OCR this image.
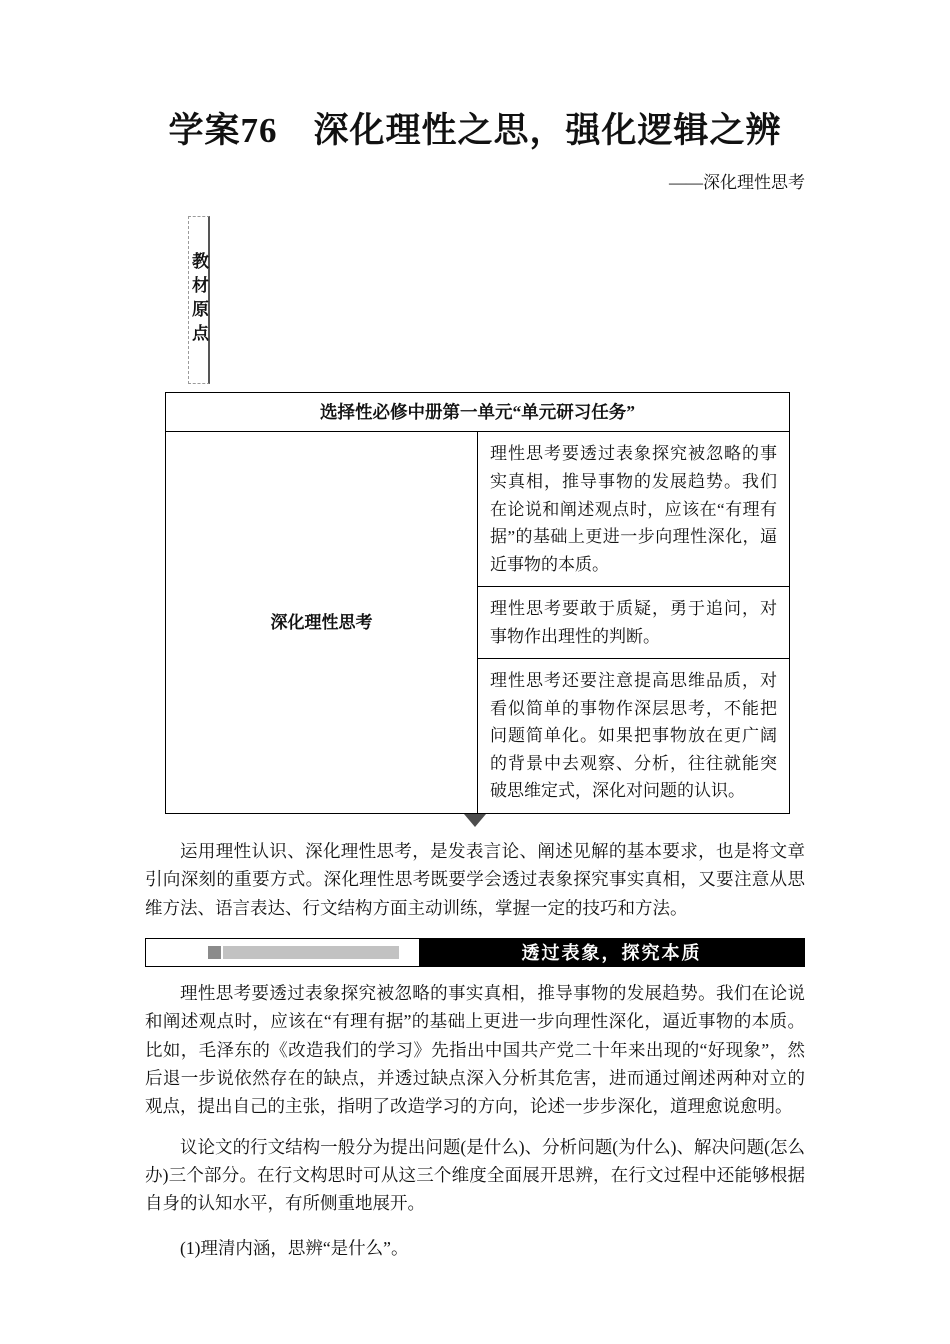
学案76　深化理性之思，强化逻辑之辨
——深化理性思考
教材原点
选择性必修中册第一单元“单元研习任务”
深化理性思考	理性思考要透过表象探究被忽略的事实真相，推导事物的发展趋势。我们在论说和阐述观点时，应该在“有理有据”的基础上更进一步向理性深化，逼近事物的本质。
理性思考要敢于质疑，勇于追问，对事物作出理性的判断。
理性思考还要注意提高思维品质，对看似简单的事物作深层思考，不能把问题简单化。如果把事物放在更广阔的背景中去观察、分析，往往就能突破思维定式，深化对问题的认识。

运用理性认识、深化理性思考，是发表言论、阐述见解的基本要求，也是将文章引向深刻的重要方式。深化理性思考既要学会透过表象探究事实真相，又要注意从思维方法、语言表达、行文结构方面主动训练，掌握一定的技巧和方法。

透过表象，探究本质

理性思考要透过表象探究被忽略的事实真相，推导事物的发展趋势。我们在论说和阐述观点时，应该在“有理有据”的基础上更进一步向理性深化，逼近事物的本质。比如，毛泽东的《改造我们的学习》先指出中国共产党二十年来出现的“好现象”，然后退一步说依然存在的缺点，并透过缺点深入分析其危害，进而通过阐述两种对立的观点，提出自己的主张，指明了改造学习的方向，论述一步步深化，道理愈说愈明。

议论文的行文结构一般分为提出问题(是什么)、分析问题(为什么)、解决问题(怎么办)三个部分。在行文构思时可从这三个维度全面展开思辨，在行文过程中还能够根据自身的认知水平，有所侧重地展开。

(1)理清内涵，思辨“是什么”。
